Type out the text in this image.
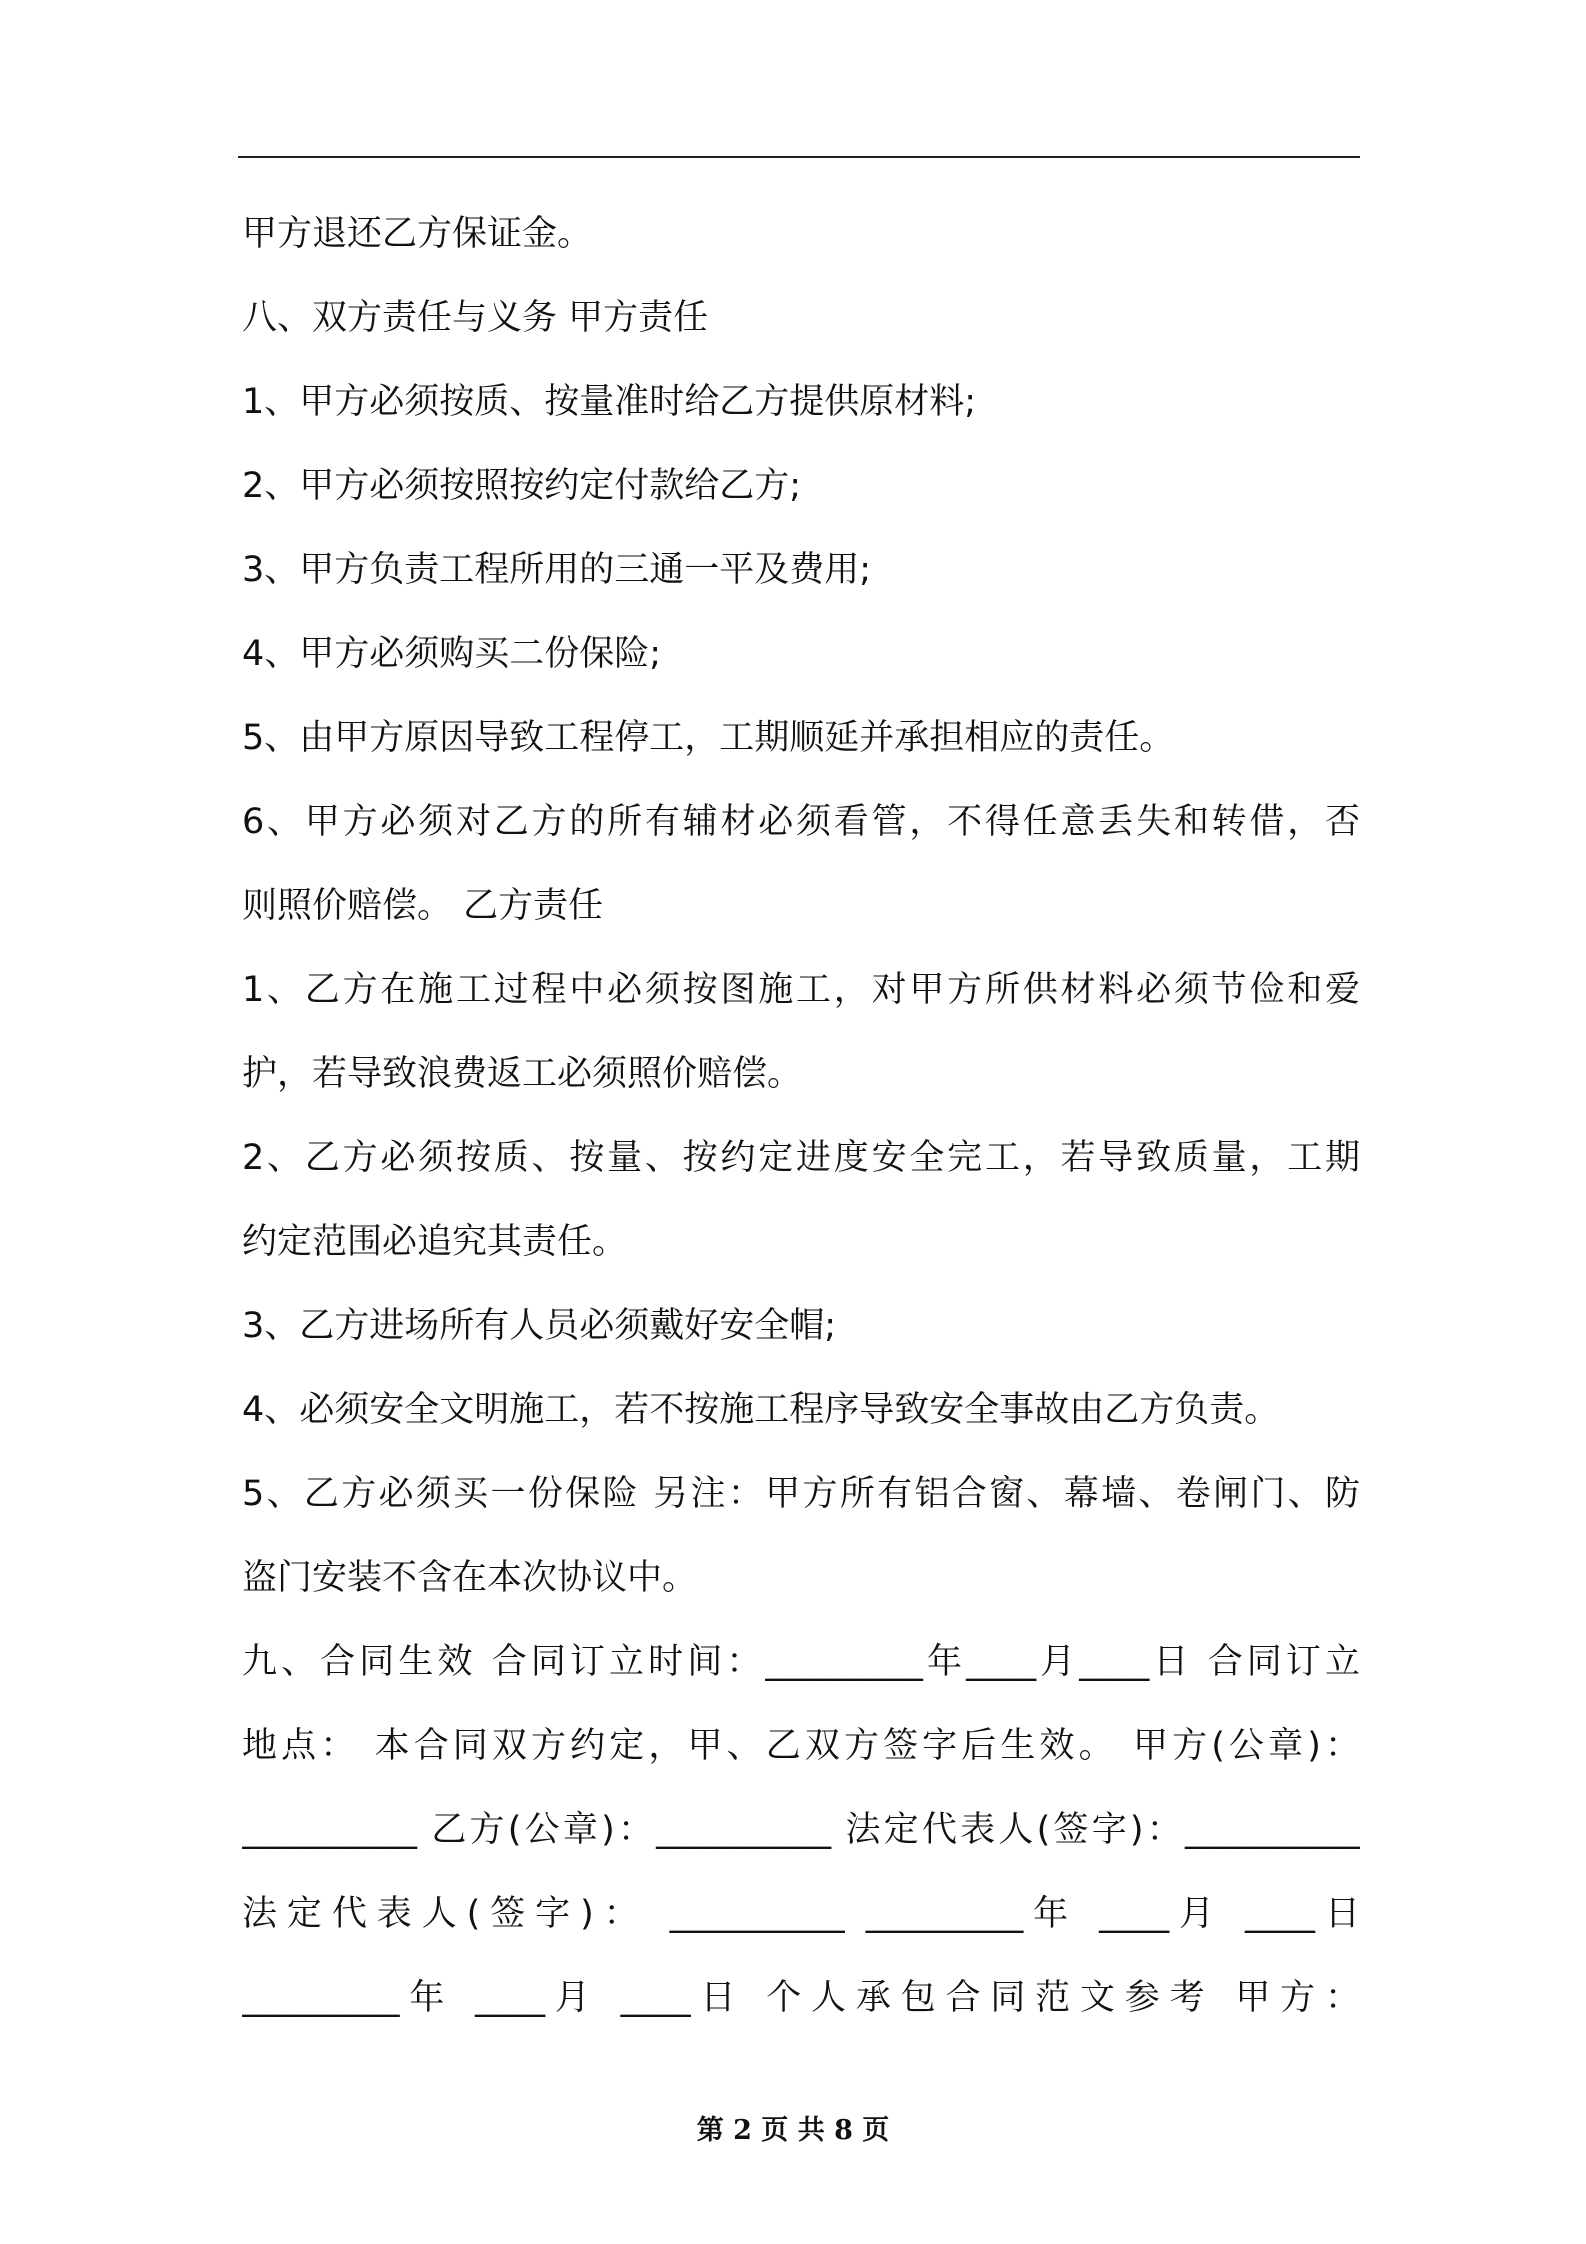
甲方退还乙方保证金。

八、双方责任与义务 甲方责任

1、甲方必须按质、按量准时给乙方提供原材料;

2、甲方必须按照按约定付款给乙方;

3、甲方负责工程所用的三通一平及费用;

4、甲方必须购买二份保险;

5、由甲方原因导致工程停工，工期顺延并承担相应的责任。

6、甲方必须对乙方的所有辅材必须看管，不得任意丢失和转借，否

则照价赔偿。 乙方责任

1、乙方在施工过程中必须按图施工，对甲方所供材料必须节俭和爱

护，若导致浪费返工必须照价赔偿。

2、乙方必须按质、按量、按约定进度安全完工，若导致质量，工期

约定范围必追究其责任。

3、乙方进场所有人员必须戴好安全帽;

4、必须安全文明施工，若不按施工程序导致安全事故由乙方负责。

5、乙方必须买一份保险 另注：甲方所有铝合窗、幕墙、卷闸门、防

盗门安装不含在本次协议中。

九、合同生效 合同订立时间：_________年____月____日 合同订立

地点： 本合同双方约定，甲、乙双方签字后生效。 甲方(公章)：

__________ 乙方(公章)：__________ 法定代表人(签字)：__________

法定代表人(签字)： __________ _________年 ____月 ____日

_________年 ____月 ____日 个人承包合同范文参考 甲方：

第 2 页 共 8 页
